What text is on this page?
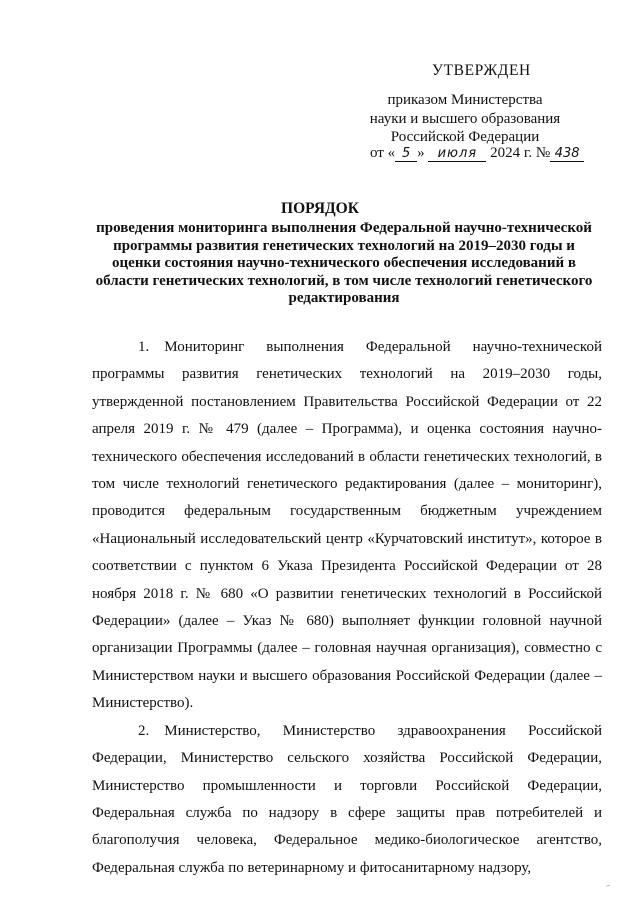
УТВЕРЖДЕН
приказом Министерства
науки и высшего образования
Российской Федерации
от « 5 » июля 2024 г. № 438
ПОРЯДОК
проведения мониторинга выполнения Федеральной научно-технической программы развития генетических технологий на 2019–2030 годы и оценки состояния научно-технического обеспечения исследований в области генетических технологий, в том числе технологий генетического редактирования

1. Мониторинг выполнения Федеральной научно-технической программы развития генетических технологий на 2019–2030 годы, утвержденной постановлением Правительства Российской Федерации от 22 апреля 2019 г. № 479 (далее – Программа), и оценка состояния научно-технического обеспечения исследований в области генетических технологий, в том числе технологий генетического редактирования (далее – мониторинг), проводится федеральным государственным бюджетным учреждением «Национальный исследовательский центр «Курчатовский институт», которое в соответствии с пунктом 6 Указа Президента Российской Федерации от 28 ноября 2018 г. № 680 «О развитии генетических технологий в Российской Федерации» (далее – Указ № 680) выполняет функции головной научной организации Программы (далее – головная научная организация), совместно с Министерством науки и высшего образования Российской Федерации (далее – Министерство).

2. Министерство, Министерство здравоохранения Российской Федерации, Министерство сельского хозяйства Российской Федерации, Министерство промышленности и торговли Российской Федерации, Федеральная служба по надзору в сфере защиты прав потребителей и благополучия человека, Федеральное медико-биологическое агентство, Федеральная служба по ветеринарному и фитосанитарному надзору,

⸝
